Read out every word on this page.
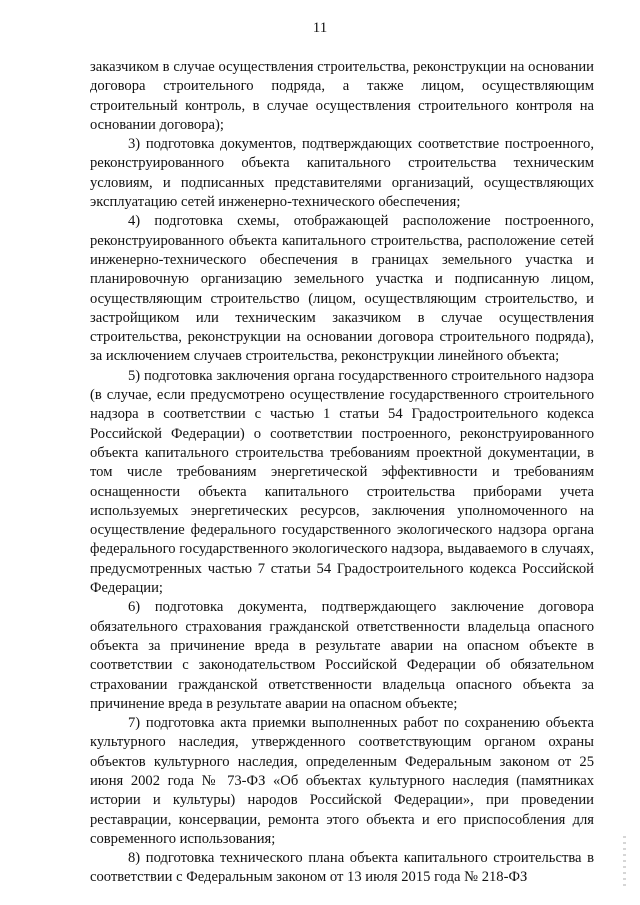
11

заказчиком в случае осуществления строительства, реконструкции на основании договора строительного подряда, а также лицом, осуществляющим строительный контроль, в случае осуществления строительного контроля на основании договора);

3) подготовка документов, подтверждающих соответствие построенного, реконструированного объекта капитального строительства техническим условиям, и подписанных представителями организаций, осуществляющих эксплуатацию сетей инженерно-технического обеспечения;

4) подготовка схемы, отображающей расположение построенного, реконструированного объекта капитального строительства, расположение сетей инженерно-технического обеспечения в границах земельного участка и планировочную организацию земельного участка и подписанную лицом, осуществляющим строительство (лицом, осуществляющим строительство, и застройщиком или техническим заказчиком в случае осуществления строительства, реконструкции на основании договора строительного подряда), за исключением случаев строительства, реконструкции линейного объекта;

5) подготовка заключения органа государственного строительного надзора (в случае, если предусмотрено осуществление государственного строительного надзора в соответствии с частью 1 статьи 54 Градостроительного кодекса Российской Федерации) о соответствии построенного, реконструированного объекта капитального строительства требованиям проектной документации, в том числе требованиям энергетической эффективности и требованиям оснащенности объекта капитального строительства приборами учета используемых энергетических ресурсов, заключения уполномоченного на осуществление федерального государственного экологического надзора органа федерального государственного экологического надзора, выдаваемого в случаях, предусмотренных частью 7 статьи 54 Градостроительного кодекса Российской Федерации;

6) подготовка документа, подтверждающего заключение договора обязательного страхования гражданской ответственности владельца опасного объекта за причинение вреда в результате аварии на опасном объекте в соответствии с законодательством Российской Федерации об обязательном страховании гражданской ответственности владельца опасного объекта за причинение вреда в результате аварии на опасном объекте;

7) подготовка акта приемки выполненных работ по сохранению объекта культурного наследия, утвержденного соответствующим органом охраны объектов культурного наследия, определенным Федеральным законом от 25 июня 2002 года № 73-ФЗ «Об объектах культурного наследия (памятниках истории и культуры) народов Российской Федерации», при проведении реставрации, консервации, ремонта этого объекта и его приспособления для современного использования;

8) подготовка технического плана объекта капитального строительства в соответствии с Федеральным законом от 13 июля 2015 года № 218-ФЗ
